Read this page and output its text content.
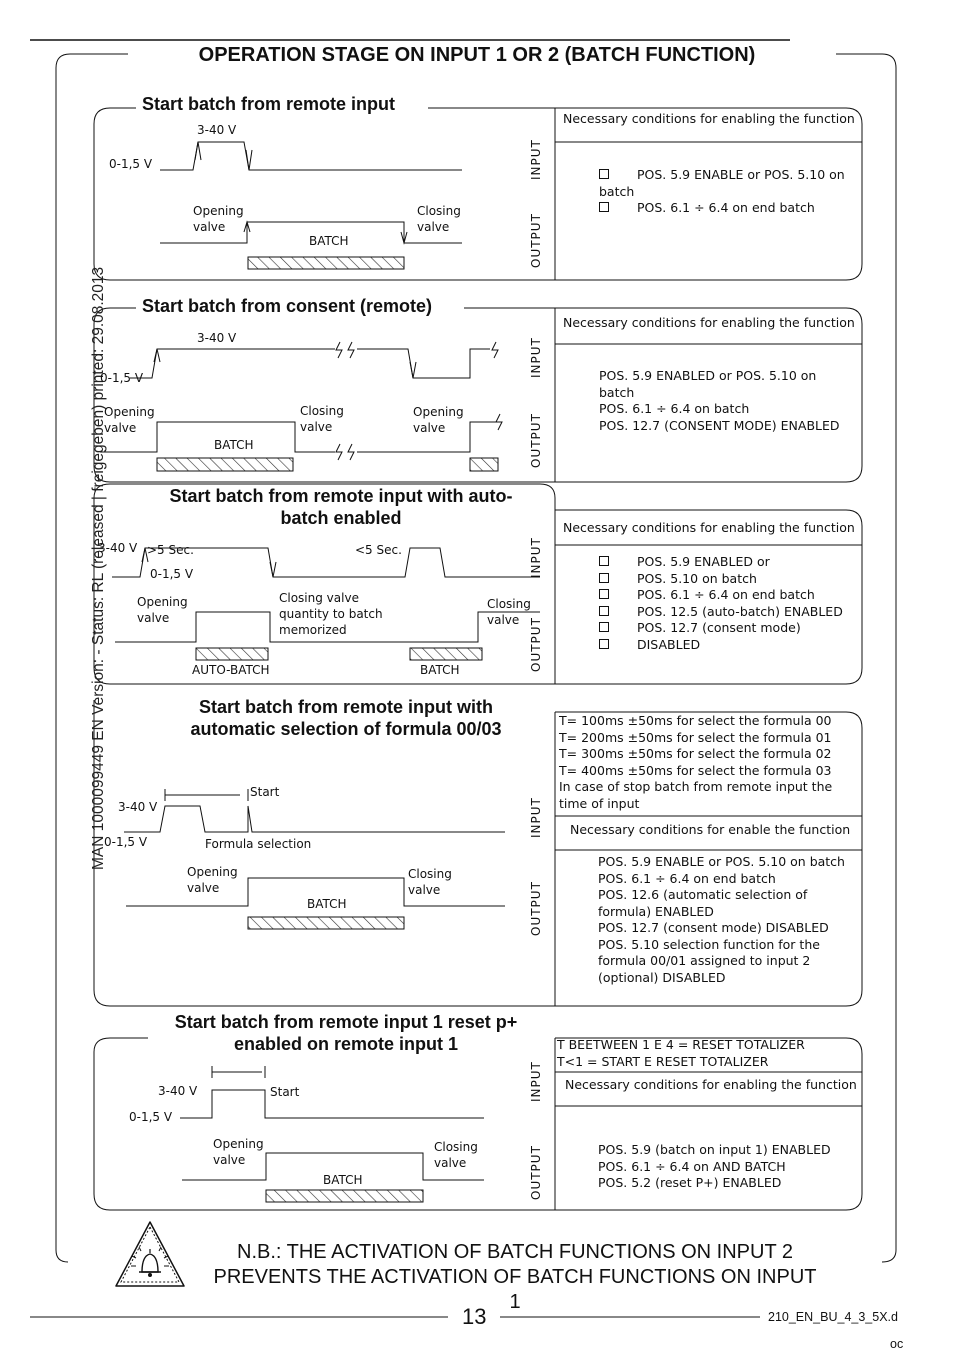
OPERATION STAGE ON INPUT 1 OR 2 (BATCH FUNCTION)
MAN 1000099449 EN Version: - Status: RL (released | freigegeben) printed: 29.08.2013
Start batch from remote input
3-40 V
0-1,5 V
Opening
valve
Closing
valve
BATCH
INPUT
OUTPUT
Necessary conditions for enabling the function
POS. 5.9 ENABLE or POS. 5.10 on batch
POS. 6.1 ÷ 6.4 on end batch
Start batch from consent (remote)
3-40 V
0-1,5 V
Opening
valve
Closing
valve
Opening
valve
BATCH
INPUT
OUTPUT
Necessary conditions for enabling the function
POS. 5.9 ENABLED or POS. 5.10 on batch
POS. 6.1 ÷ 6.4 on batch
POS. 12.7 (CONSENT MODE) ENABLED
Start batch from remote input with auto-batch enabled
3-40 V
0-1,5 V
>5 Sec.	<5 Sec.
Opening
valve
Closing valve
quantity to batch
memorized
Closing
valve
AUTO-BATCH	BATCH
INPUT
OUTPUT
Necessary conditions for enabling the function
POS. 5.9 ENABLED or
POS. 5.10 on batch
POS. 6.1 ÷ 6.4 on end batch
POS. 12.5 (auto-batch) ENABLED
POS. 12.7 (consent mode)
DISABLED
Start batch from remote input with automatic selection of formula 00/03
3-40 V
0-1,5 V
Start
Formula selection
Opening
valve
Closing
valve
BATCH
INPUT
OUTPUT
T= 100ms ±50ms for select the formula 00
T= 200ms ±50ms for select the formula 01
T= 300ms ±50ms for select the formula 02
T= 400ms ±50ms for select the formula 03
In case of stop batch from remote input the time of input
Necessary conditions for enable the function
POS. 5.9 ENABLE or POS. 5.10 on batch
POS. 6.1 ÷ 6.4 on end batch
POS. 12.6 (automatic selection of formula) ENABLED
POS. 12.7 (consent mode) DISABLED
POS. 5.10 selection function for the formula 00/01 assigned to input 2 (optional) DISABLED
Start batch from remote input 1 reset p+ enabled on remote input 1
3-40 V
0-1,5 V
Start
Opening
valve
Closing
valve
BATCH
INPUT
OUTPUT
T BEETWEEN 1 E 4 = RESET TOTALIZER
T<1 = START E RESET TOTALIZER
Necessary conditions for enabling the function
POS. 5.9 (batch on input 1) ENABLED
POS. 6.1 ÷ 6.4 on AND BATCH
POS. 5.2 (reset P+) ENABLED
N.B.: THE ACTIVATION OF BATCH FUNCTIONS ON INPUT 2
PREVENTS THE ACTIVATION OF BATCH FUNCTIONS ON INPUT 1
13	210_EN_BU_4_3_5X.d
oc
